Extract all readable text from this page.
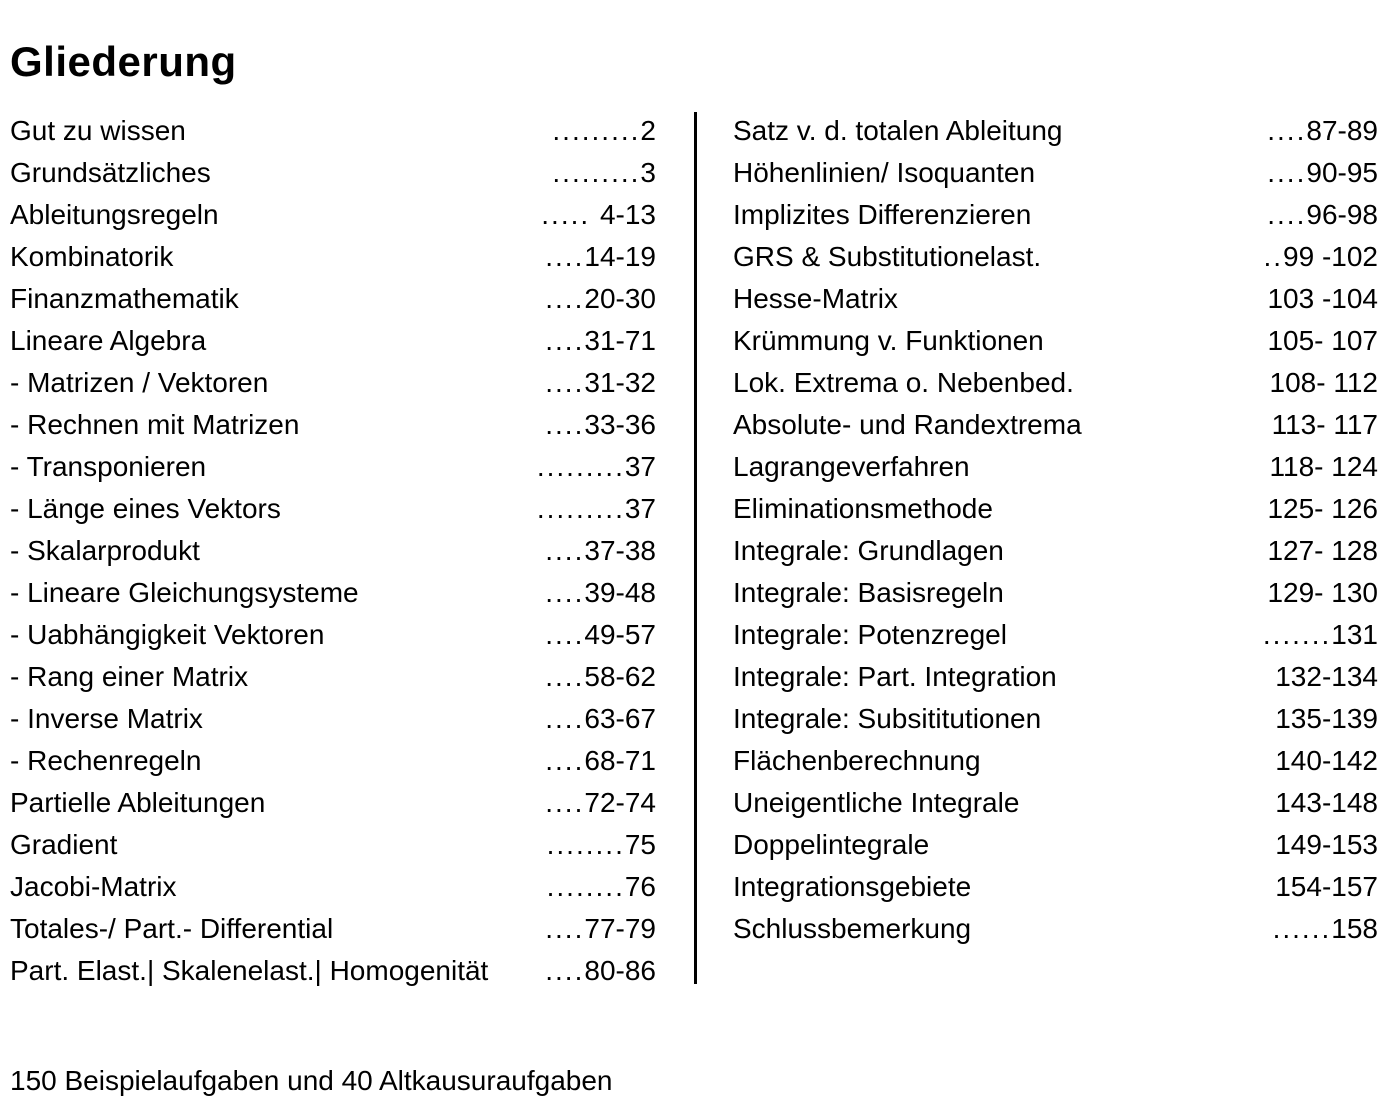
Gliederung
Gut zu wissen	.........2
Grundsätzliches	.........3
Ableitungsregeln	..... 4-13
Kombinatorik	....14-19
Finanzmathematik	....20-30
Lineare Algebra	....31-71
- Matrizen / Vektoren	....31-32
- Rechnen mit Matrizen	....33-36
- Transponieren	.........37
- Länge eines Vektors	.........37
- Skalarprodukt	....37-38
- Lineare Gleichungsysteme	....39-48
- Uabhängigkeit Vektoren	....49-57
- Rang einer Matrix	....58-62
- Inverse Matrix	....63-67
- Rechenregeln	....68-71
Partielle Ableitungen	....72-74
Gradient	........75
Jacobi-Matrix	........76
Totales-/ Part.- Differential	....77-79
Part. Elast.| Skalenelast.| Homogenität ....80-86
Satz v. d. totalen Ableitung	....87-89
Höhenlinien/ Isoquanten	....90-95
Implizites Differenzieren	....96-98
GRS & Substitutionelast.	..99 -102
Hesse-Matrix	103 -104
Krümmung v. Funktionen	105- 107
Lok. Extrema o. Nebenbed.	108- 112
Absolute- und Randextrema	113- 117
Lagrangeverfahren	118- 124
Eliminationsmethode	125- 126
Integrale: Grundlagen	127- 128
Integrale: Basisregeln	129- 130
Integrale: Potenzregel	.......131
Integrale: Part. Integration	132-134
Integrale: Subsititutionen	135-139
Flächenberechnung	140-142
Uneigentliche Integrale	143-148
Doppelintegrale	149-153
Integrationsgebiete	154-157
Schlussbemerkung	......158
150 Beispielaufgaben und 40 Altkausuraufgaben
